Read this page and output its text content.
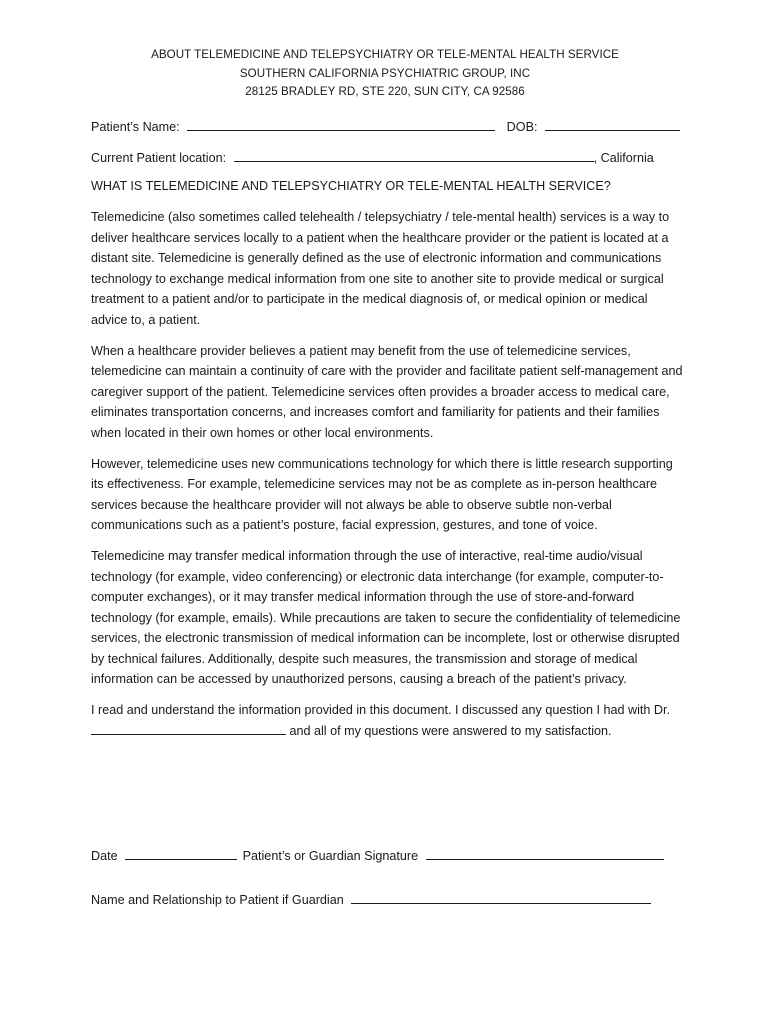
ABOUT TELEMEDICINE AND TELEPSYCHIATRY OR TELE-MENTAL HEALTH SERVICE
SOUTHERN CALIFORNIA PSYCHIATRIC GROUP, INC
28125 BRADLEY RD, STE 220, SUN CITY, CA 92586
Patient’s Name:	DOB:
Current Patient location:	, California
WHAT IS TELEMEDICINE AND TELEPSYCHIATRY OR TELE-MENTAL HEALTH SERVICE?

Telemedicine (also sometimes called telehealth / telepsychiatry / tele-mental health) services is a way to deliver healthcare services locally to a patient when the healthcare provider or the patient is located at a distant site. Telemedicine is generally defined as the use of electronic information and communications technology to exchange medical information from one site to another site to provide medical or surgical treatment to a patient and/or to participate in the medical diagnosis of, or medical opinion or medical advice to, a patient.

When a healthcare provider believes a patient may benefit from the use of telemedicine services, telemedicine can maintain a continuity of care with the provider and facilitate patient self-management and caregiver support of the patient. Telemedicine services often provides a broader access to medical care, eliminates transportation concerns, and increases comfort and familiarity for patients and their families when located in their own homes or other local environments.

However, telemedicine uses new communications technology for which there is little research supporting its effectiveness. For example, telemedicine services may not be as complete as in-person healthcare services because the healthcare provider will not always be able to observe subtle non-verbal communications such as a patient’s posture, facial expression, gestures, and tone of voice.

Telemedicine may transfer medical information through the use of interactive, real-time audio/visual technology (for example, video conferencing) or electronic data interchange (for example, computer-to- computer exchanges), or it may transfer medical information through the use of store-and-forward technology (for example, emails). While precautions are taken to secure the confidentiality of telemedicine services, the electronic transmission of medical information can be incomplete, lost or otherwise disrupted by technical failures. Additionally, despite such measures, the transmission and storage of medical information can be accessed by unauthorized persons, causing a breach of the patient’s privacy.

I read and understand the information provided in this document. I discussed any question I had with Dr. and all of my questions were answered to my satisfaction.

Date	Patient’s or Guardian Signature
Name and Relationship to Patient if Guardian
